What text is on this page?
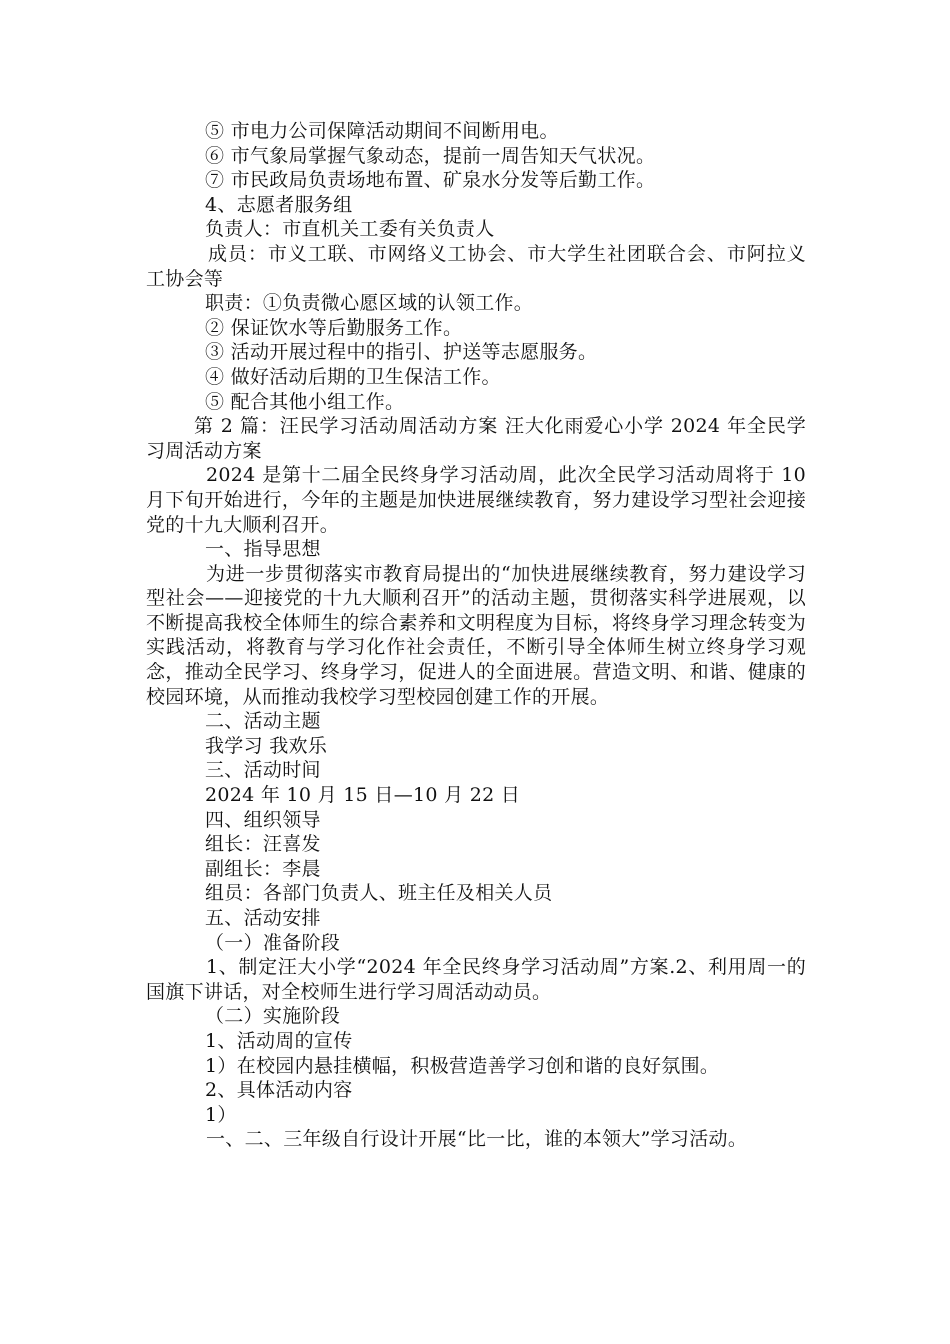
⑤ 市电力公司保障活动期间不间断用电。
⑥ 市气象局掌握气象动态，提前一周告知天气状况。
⑦ 市民政局负责场地布置、矿泉水分发等后勤工作。
4、志愿者服务组
负责人：市直机关工委有关负责人
成员：市义工联、市网络义工协会、市大学生社团联合会、市阿拉义工协会等
职责：①负责微心愿区域的认领工作。
② 保证饮水等后勤服务工作。
③ 活动开展过程中的指引、护送等志愿服务。
④ 做好活动后期的卫生保洁工作。
⑤ 配合其他小组工作。
第 2 篇：汪民学习活动周活动方案 汪大化雨爱心小学 2024 年全民学习周活动方案
2024 是第十二届全民终身学习活动周，此次全民学习活动周将于 10 月下旬开始进行，今年的主题是加快进展继续教育，努力建设学习型社会迎接党的十九大顺利召开。
一、指导思想
为进一步贯彻落实市教育局提出的“加快进展继续教育，努力建设学习型社会——迎接党的十九大顺利召开”的活动主题，贯彻落实科学进展观，以不断提高我校全体师生的综合素养和文明程度为目标，将终身学习理念转变为实践活动，将教育与学习化作社会责任，不断引导全体师生树立终身学习观念，推动全民学习、终身学习，促进人的全面进展。营造文明、和谐、健康的校园环境，从而推动我校学习型校园创建工作的开展。
二、活动主题
我学习 我欢乐
三、活动时间
2024 年 10 月 15 日—10 月 22 日
四、组织领导
组长：汪喜发
副组长：李晨
组员：各部门负责人、班主任及相关人员
五、活动安排
（一）准备阶段
1、制定汪大小学“2024 年全民终身学习活动周”方案.2、利用周一的国旗下讲话，对全校师生进行学习周活动动员。
（二）实施阶段
1、活动周的宣传
1）在校园内悬挂横幅，积极营造善学习创和谐的良好氛围。
2、具体活动内容
1）
一、二、三年级自行设计开展“比一比，谁的本领大”学习活动。
